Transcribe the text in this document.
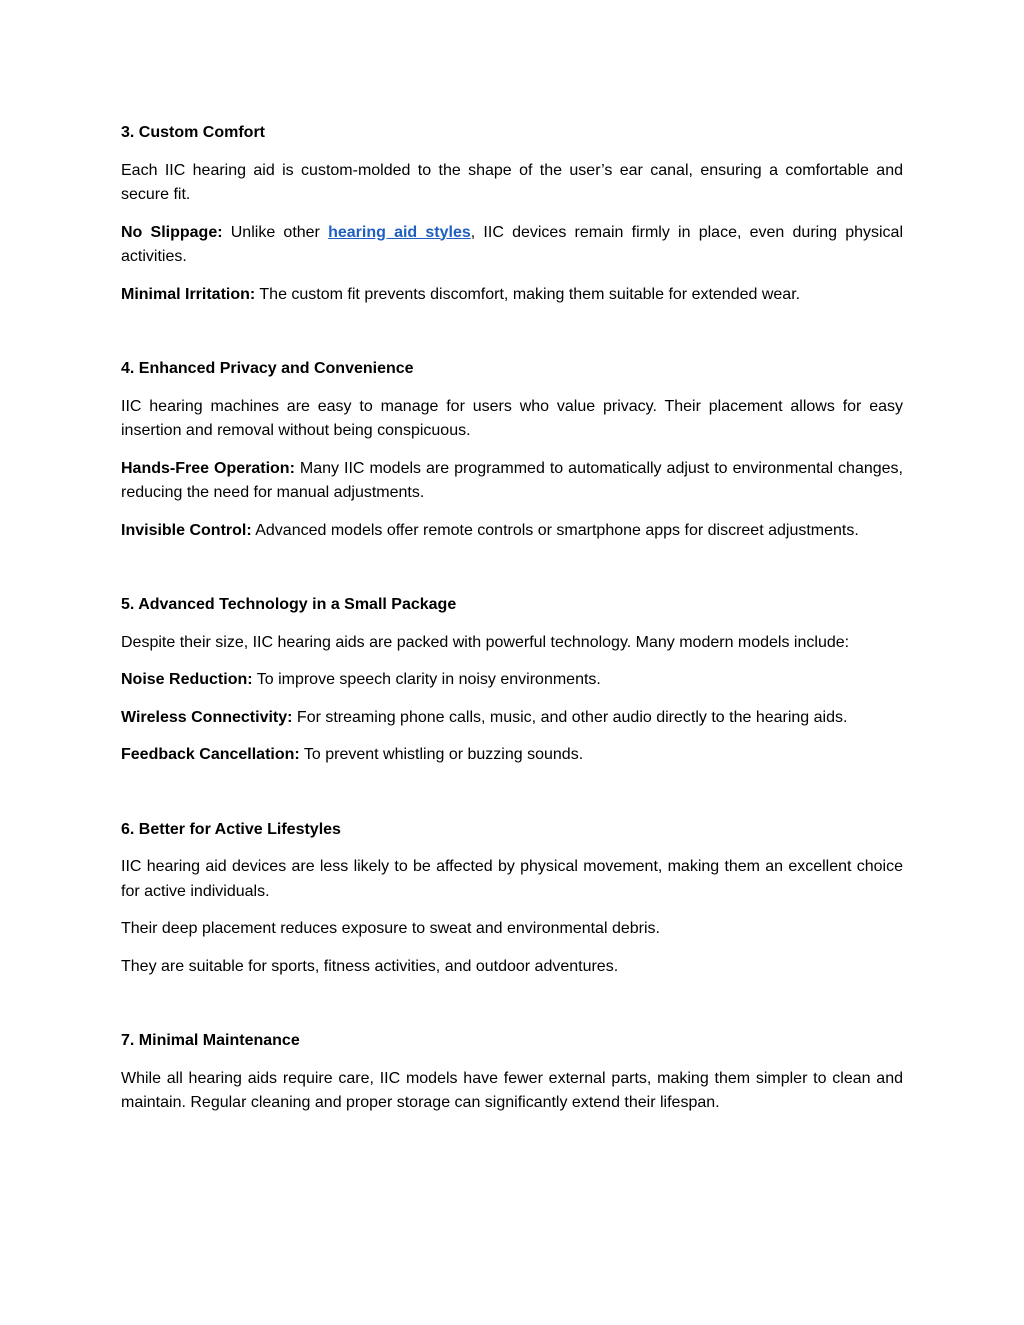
3. Custom Comfort

Each IIC hearing aid is custom-molded to the shape of the user’s ear canal, ensuring a comfortable and secure fit.

No Slippage: Unlike other hearing aid styles, IIC devices remain firmly in place, even during physical activities.

Minimal Irritation: The custom fit prevents discomfort, making them suitable for extended wear.

4. Enhanced Privacy and Convenience

IIC hearing machines are easy to manage for users who value privacy. Their placement allows for easy insertion and removal without being conspicuous.

Hands-Free Operation: Many IIC models are programmed to automatically adjust to environmental changes, reducing the need for manual adjustments.

Invisible Control: Advanced models offer remote controls or smartphone apps for discreet adjustments.

5. Advanced Technology in a Small Package

Despite their size, IIC hearing aids are packed with powerful technology. Many modern models include:

Noise Reduction: To improve speech clarity in noisy environments.

Wireless Connectivity: For streaming phone calls, music, and other audio directly to the hearing aids.

Feedback Cancellation: To prevent whistling or buzzing sounds.

6. Better for Active Lifestyles

IIC hearing aid devices are less likely to be affected by physical movement, making them an excellent choice for active individuals.

Their deep placement reduces exposure to sweat and environmental debris.

They are suitable for sports, fitness activities, and outdoor adventures.

7. Minimal Maintenance

While all hearing aids require care, IIC models have fewer external parts, making them simpler to clean and maintain. Regular cleaning and proper storage can significantly extend their lifespan.
